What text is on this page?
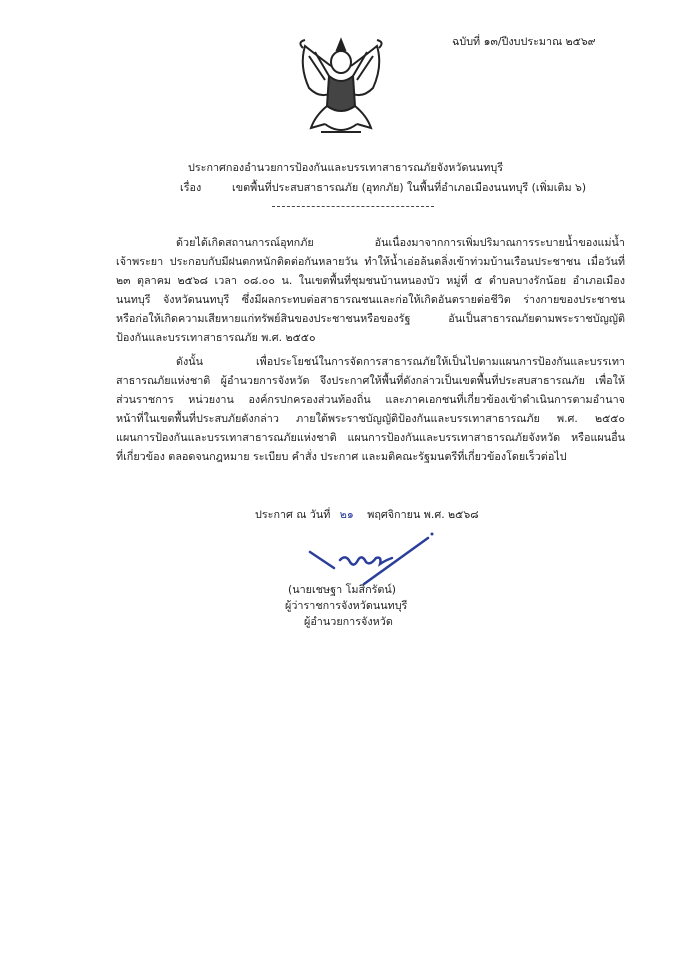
ฉบับที่ ๑๓/ปีงบประมาณ ๒๕๖๙
ประกาศกองอำนวยการป้องกันและบรรเทาสาธารณภัยจังหวัดนนทบุรี
เรื่อง	เขตพื้นที่ประสบสาธารณภัย (อุทกภัย) ในพื้นที่อำเภอเมืองนนทบุรี (เพิ่มเติม ๖)
ด้วยได้เกิดสถานการณ์อุทกภัย อันเนื่องมาจากการเพิ่มปริมาณการระบายน้ำของแม่น้ำ
เจ้าพระยา ประกอบกับมีฝนตกหนักติดต่อกันหลายวัน ทำให้น้ำเอ่อล้นตลิ่งเข้าท่วมบ้านเรือนประชาชน เมื่อวันที่
๒๓ ตุลาคม ๒๕๖๘ เวลา ๐๘.๐๐ น. ในเขตพื้นที่ชุมชนบ้านหนองบัว หมู่ที่ ๕ ตำบลบางรักน้อย อำเภอเมือง
นนทบุรี จังหวัดนนทบุรี ซึ่งมีผลกระทบต่อสาธารณชนและก่อให้เกิดอันตรายต่อชีวิต ร่างกายของประชาชน
หรือก่อให้เกิดความเสียหายแก่ทรัพย์สินของประชาชนหรือของรัฐ อันเป็นสาธารณภัยตามพระราชบัญญัติ
ป้องกันและบรรเทาสาธารณภัย พ.ศ. ๒๕๕๐
ดังนั้น เพื่อประโยชน์ในการจัดการสาธารณภัยให้เป็นไปตามแผนการป้องกันและบรรเทา
สาธารณภัยแห่งชาติ ผู้อำนวยการจังหวัด จึงประกาศให้พื้นที่ดังกล่าวเป็นเขตพื้นที่ประสบสาธารณภัย เพื่อให้
ส่วนราชการ หน่วยงาน องค์กรปกครองส่วนท้องถิ่น และภาคเอกชนที่เกี่ยวข้องเข้าดำเนินการตามอำนาจ
หน้าที่ในเขตพื้นที่ประสบภัยดังกล่าว ภายใต้พระราชบัญญัติป้องกันและบรรเทาสาธารณภัย พ.ศ. ๒๕๕๐
แผนการป้องกันและบรรเทาสาธารณภัยแห่งชาติ แผนการป้องกันและบรรเทาสาธารณภัยจังหวัด หรือแผนอื่น
ที่เกี่ยวข้อง ตลอดจนกฎหมาย ระเบียบ คำสั่ง ประกาศ และมติคณะรัฐมนตรีที่เกี่ยวข้องโดยเร็วต่อไป
ประกาศ ณ วันที่ ๒๑ พฤศจิกายน พ.ศ. ๒๕๖๘
(นายเชษฐา โมสิกรัตน์)
ผู้ว่าราชการจังหวัดนนทบุรี
ผู้อำนวยการจังหวัด
